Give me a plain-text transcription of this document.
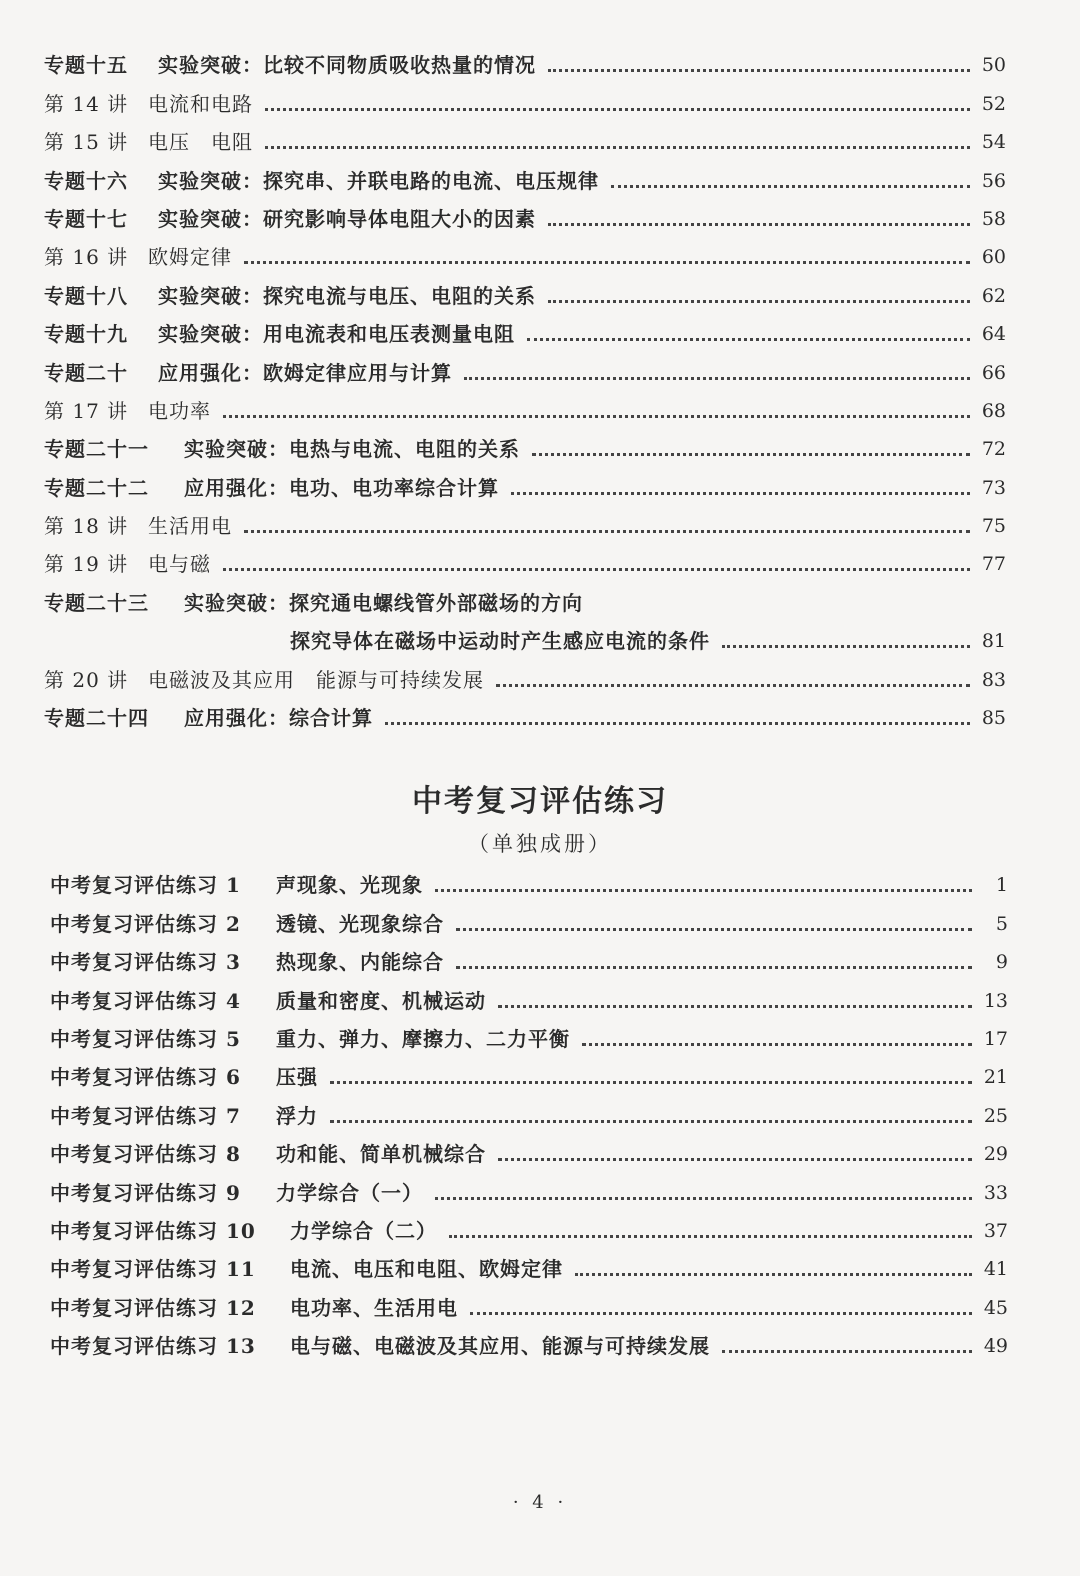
专题十五	实验突破：比较不同物质吸收热量的情况	50
第 14 讲 电流和电路	52
第 15 讲 电压　电阻	54
专题十六	实验突破：探究串、并联电路的电流、电压规律	56
专题十七	实验突破：研究影响导体电阻大小的因素	58
第 16 讲 欧姆定律	60
专题十八	实验突破：探究电流与电压、电阻的关系	62
专题十九	实验突破：用电流表和电压表测量电阻	64
专题二十	应用强化：欧姆定律应用与计算	66
第 17 讲 电功率	68
专题二十一	实验突破：电热与电流、电阻的关系	72
专题二十二	应用强化：电功、电功率综合计算	73
第 18 讲 生活用电	75
第 19 讲 电与磁	77
专题二十三	实验突破：探究通电螺线管外部磁场的方向
探究导体在磁场中运动时产生感应电流的条件	81
第 20 讲 电磁波及其应用　能源与可持续发展	83
专题二十四	应用强化：综合计算	85
中考复习评估练习

（单独成册）

中考复习评估练习 1	声现象、光现象	1
中考复习评估练习 2	透镜、光现象综合	5
中考复习评估练习 3	热现象、内能综合	9
中考复习评估练习 4	质量和密度、机械运动	13
中考复习评估练习 5	重力、弹力、摩擦力、二力平衡	17
中考复习评估练习 6	压强	21
中考复习评估练习 7	浮力	25
中考复习评估练习 8	功和能、简单机械综合	29
中考复习评估练习 9	力学综合（一）	33
中考复习评估练习 10	力学综合（二）	37
中考复习评估练习 11	电流、电压和电阻、欧姆定律	41
中考复习评估练习 12	电功率、生活用电	45
中考复习评估练习 13	电与磁、电磁波及其应用、能源与可持续发展	49
· 4 ·
